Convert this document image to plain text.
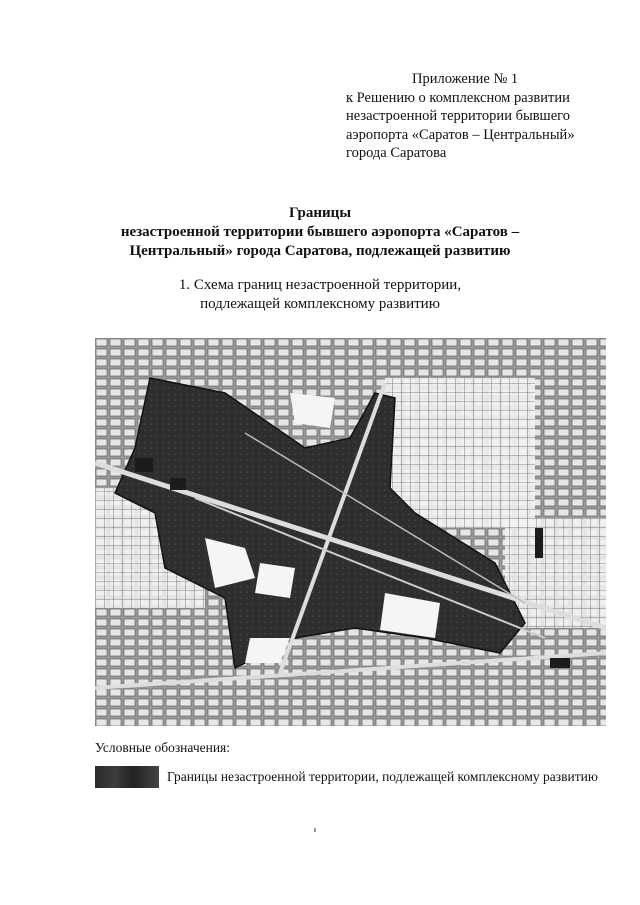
Приложение № 1
к Решению о комплексном развитии
незастроенной территории бывшего
аэропорта «Саратов – Центральный»
города Саратова
Границы
незастроенной территории бывшего аэропорта «Саратов –
Центральный» города Саратова, подлежащей развитию
1. Схема границ незастроенной территории,
подлежащей комплексному развитию
Условные обозначения:
Границы незастроенной территории, подлежащей комплексному развитию
